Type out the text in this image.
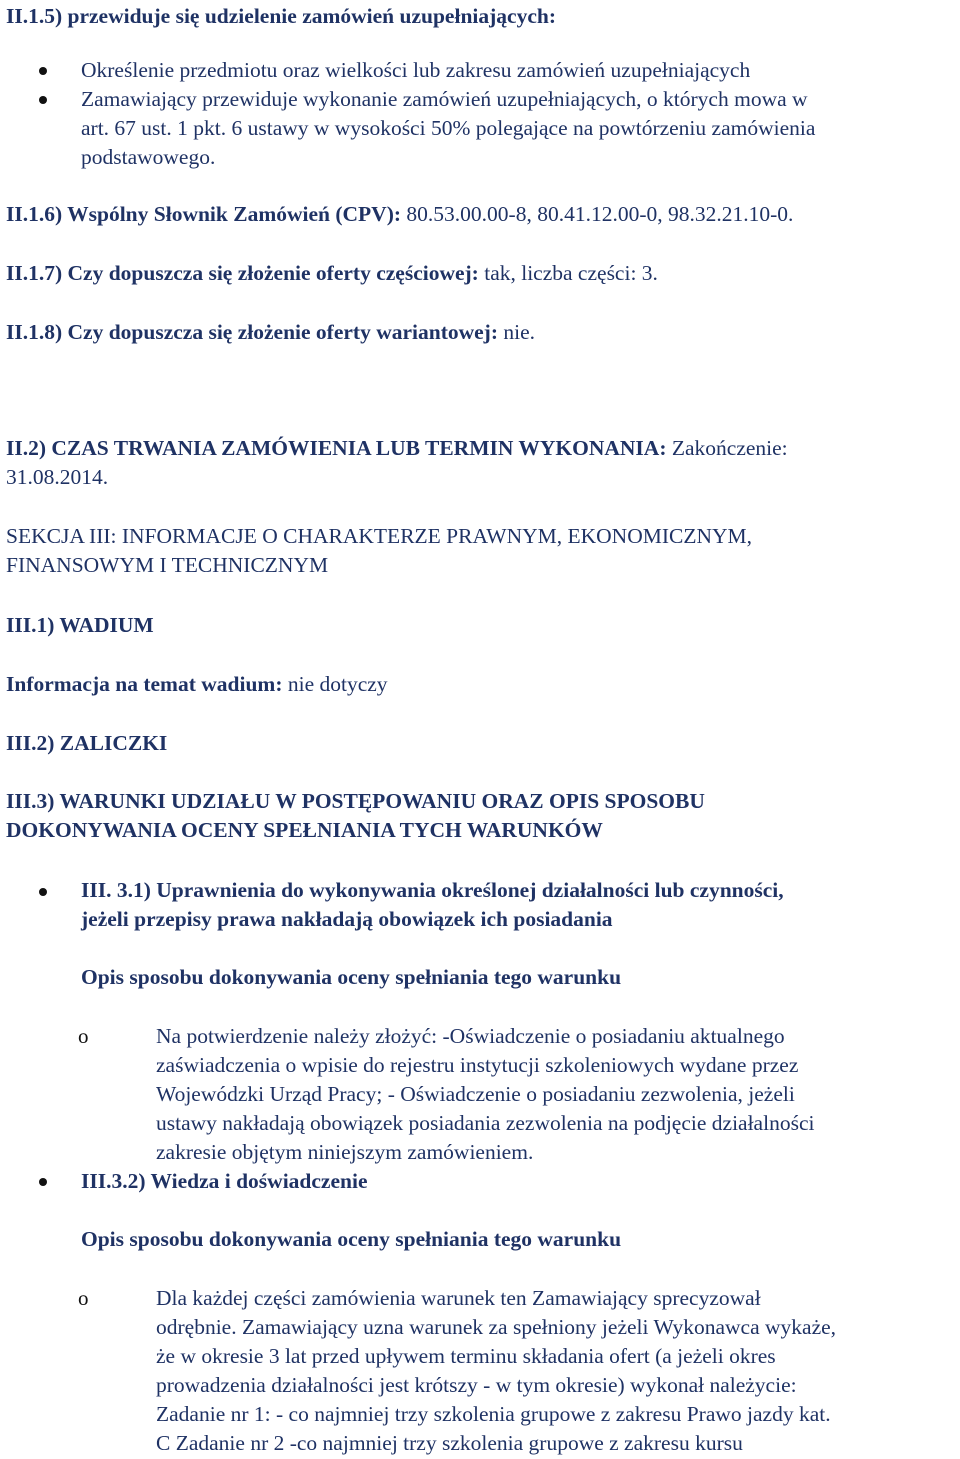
II.1.5) przewiduje się udzielenie zamówień uzupełniających:
Określenie przedmiotu oraz wielkości lub zakresu zamówień uzupełniających
Zamawiający przewiduje wykonanie zamówień uzupełniających, o których mowa w
art. 67 ust. 1 pkt. 6 ustawy w wysokości 50% polegające na powtórzeniu zamówienia
podstawowego.
II.1.6) Wspólny Słownik Zamówień (CPV): 80.53.00.00-8, 80.41.12.00-0, 98.32.21.10-0.
II.1.7) Czy dopuszcza się złożenie oferty częściowej: tak, liczba części: 3.
II.1.8) Czy dopuszcza się złożenie oferty wariantowej: nie.
II.2) CZAS TRWANIA ZAMÓWIENIA LUB TERMIN WYKONANIA: Zakończenie:
31.08.2014.
SEKCJA III: INFORMACJE O CHARAKTERZE PRAWNYM, EKONOMICZNYM,
FINANSOWYM I TECHNICZNYM
III.1) WADIUM
Informacja na temat wadium: nie dotyczy
III.2) ZALICZKI
III.3) WARUNKI UDZIAŁU W POSTĘPOWANIU ORAZ OPIS SPOSOBU
DOKONYWANIA OCENY SPEŁNIANIA TYCH WARUNKÓW
III. 3.1) Uprawnienia do wykonywania określonej działalności lub czynności,
jeżeli przepisy prawa nakładają obowiązek ich posiadania
Opis sposobu dokonywania oceny spełniania tego warunku
o	Na potwierdzenie należy złożyć: -Oświadczenie o posiadaniu aktualnego
zaświadczenia o wpisie do rejestru instytucji szkoleniowych wydane przez
Wojewódzki Urząd Pracy; - Oświadczenie o posiadaniu zezwolenia, jeżeli
ustawy nakładają obowiązek posiadania zezwolenia na podjęcie działalności
zakresie objętym niniejszym zamówieniem.
III.3.2) Wiedza i doświadczenie
Opis sposobu dokonywania oceny spełniania tego warunku
o	Dla każdej części zamówienia warunek ten Zamawiający sprecyzował
odrębnie. Zamawiający uzna warunek za spełniony jeżeli Wykonawca wykaże,
że w okresie 3 lat przed upływem terminu składania ofert (a jeżeli okres
prowadzenia działalności jest krótszy - w tym okresie) wykonał należycie:
Zadanie nr 1: - co najmniej trzy szkolenia grupowe z zakresu Prawo jazdy kat.
C Zadanie nr 2 -co najmniej trzy szkolenia grupowe z zakresu kursu
